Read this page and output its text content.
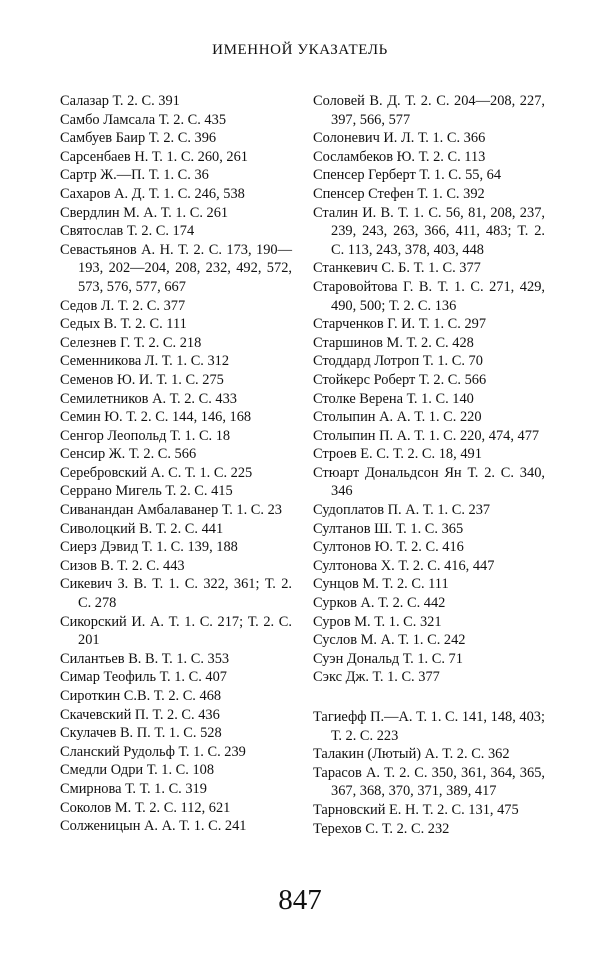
ИМЕННОЙ УКАЗАТЕЛЬ

Салазар Т. 2. С. 391

Самбо Ламсала Т. 2. С. 435

Самбуев Баир Т. 2. С. 396

Сарсенбаев Н. Т. 1. С. 260, 261

Сартр Ж.—П. Т. 1. С. 36

Сахаров А. Д. Т. 1. С. 246, 538

Свердлин М. А. Т. 1. С. 261

Святослав Т. 2. С. 174

Севастьянов А. Н. Т. 2. С. 173, 190—193, 202—204, 208, 232, 492, 572, 573, 576, 577, 667

Седов Л. Т. 2. С. 377

Седых В. Т. 2. С. 111

Селезнев Г. Т. 2. С. 218

Семенникова Л. Т. 1. С. 312

Семенов Ю. И. Т. 1. С. 275

Семилетников А. Т. 2. С. 433

Семин Ю. Т. 2. С. 144, 146, 168

Сенгор Леопольд Т. 1. С. 18

Сенсир Ж. Т. 2. С. 566

Серебровский А. С. Т. 1. С. 225

Серрано Мигель Т. 2. С. 415

Сиванандан Амбалаванер Т. 1. С. 23

Сиволоцкий В. Т. 2. С. 441

Сиерз Дэвид Т. 1. С. 139, 188

Сизов В. Т. 2. С. 443

Сикевич З. В. Т. 1. С. 322, 361; Т. 2. С. 278

Сикорский И. А. Т. 1. С. 217; Т. 2. С. 201

Силантьев В. В. Т. 1. С. 353

Симар Теофиль Т. 1. С. 407

Сироткин С.В. Т. 2. С. 468

Скачевский П. Т. 2. С. 436

Скулачев В. П. Т. 1. С. 528

Сланский Рудольф Т. 1. С. 239

Смедли Одри Т. 1. С. 108

Смирнова Т. Т. 1. С. 319

Соколов М. Т. 2. С. 112, 621

Солженицын А. А. Т. 1. С. 241

Соловей В. Д. Т. 2. С. 204—208, 227, 397, 566, 577

Солоневич И. Л. Т. 1. С. 366

Сосламбеков Ю. Т. 2. С. 113

Спенсер Герберт Т. 1. С. 55, 64

Спенсер Стефен Т. 1. С. 392

Сталин И. В. Т. 1. С. 56, 81, 208, 237, 239, 243, 263, 366, 411, 483; Т. 2. С. 113, 243, 378, 403, 448

Станкевич С. Б. Т. 1. С. 377

Старовойтова Г. В. Т. 1. С. 271, 429, 490, 500; Т. 2. С. 136

Старченков Г. И. Т. 1. С. 297

Старшинов М. Т. 2. С. 428

Стоддард Лотроп Т. 1. С. 70

Стойкерс Роберт Т. 2. С. 566

Столке Верена Т. 1. С. 140

Столыпин А. А. Т. 1. С. 220

Столыпин П. А. Т. 1. С. 220, 474, 477

Строев Е. С. Т. 2. С. 18, 491

Стюарт Дональдсон Ян Т. 2. С. 340, 346

Судоплатов П. А. Т. 1. С. 237

Султанов Ш. Т. 1. С. 365

Султонов Ю. Т. 2. С. 416

Султонова Х. Т. 2. С. 416, 447

Сунцов М. Т. 2. С. 111

Сурков А. Т. 2. С. 442

Суров М. Т. 1. С. 321

Суслов М. А. Т. 1. С. 242

Суэн Дональд Т. 1. С. 71

Сэкс Дж. Т. 1. С. 377

Тагиефф П.—А. Т. 1. С. 141, 148, 403; Т. 2. С. 223

Талакин (Лютый) А. Т. 2. С. 362

Тарасов А. Т. 2. С. 350, 361, 364, 365, 367, 368, 370, 371, 389, 417

Тарновский Е. Н. Т. 2. С. 131, 475

Терехов С. Т. 2. С. 232

847
